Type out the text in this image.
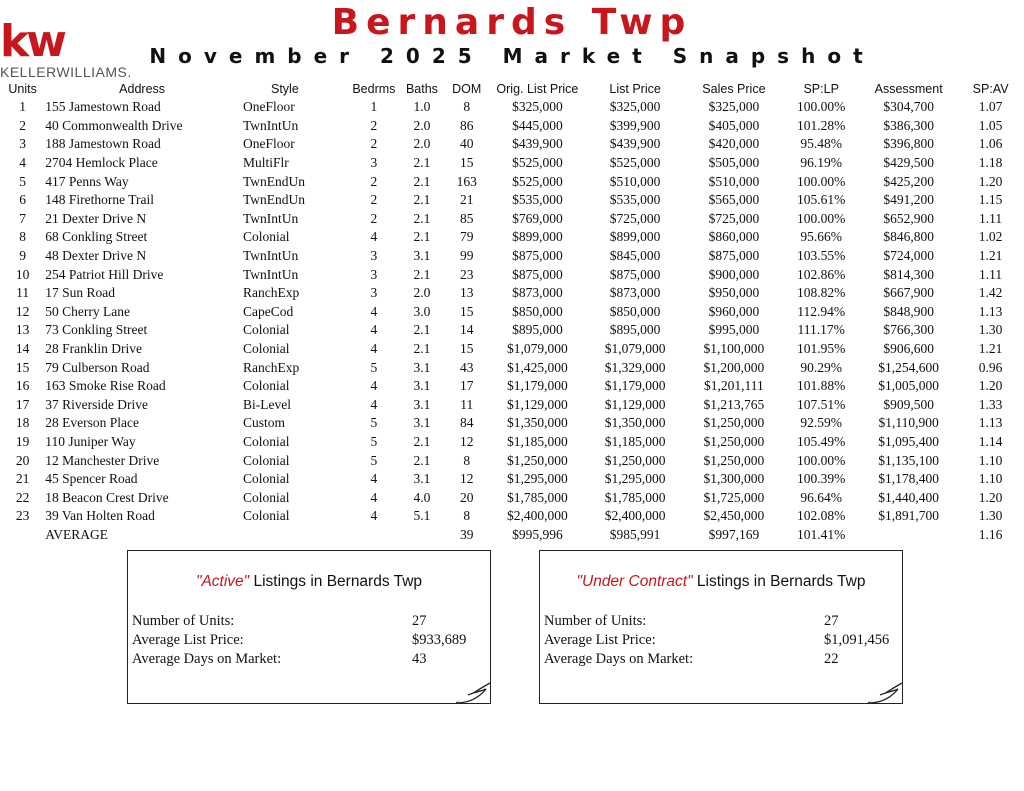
kw
KELLERWILLIAMS.
Bernards Twp
November 2025 Market Snapshot
Units	Address	Style	Bedrms	Baths	DOM	Orig. List Price	List Price	Sales Price	SP:LP	Assessment	SP:AV
1	155 Jamestown Road	OneFloor	1	1.0	8	$325,000	$325,000	$325,000	100.00%	$304,700	1.07
2	40 Commonwealth Drive	TwnIntUn	2	2.0	86	$445,000	$399,900	$405,000	101.28%	$386,300	1.05
3	188 Jamestown Road	OneFloor	2	2.0	40	$439,900	$439,900	$420,000	95.48%	$396,800	1.06
4	2704 Hemlock Place	MultiFlr	3	2.1	15	$525,000	$525,000	$505,000	96.19%	$429,500	1.18
5	417 Penns Way	TwnEndUn	2	2.1	163	$525,000	$510,000	$510,000	100.00%	$425,200	1.20
6	148 Firethorne Trail	TwnEndUn	2	2.1	21	$535,000	$535,000	$565,000	105.61%	$491,200	1.15
7	21 Dexter Drive N	TwnIntUn	2	2.1	85	$769,000	$725,000	$725,000	100.00%	$652,900	1.11
8	68 Conkling Street	Colonial	4	2.1	79	$899,000	$899,000	$860,000	95.66%	$846,800	1.02
9	48 Dexter Drive N	TwnIntUn	3	3.1	99	$875,000	$845,000	$875,000	103.55%	$724,000	1.21
10	254 Patriot Hill Drive	TwnIntUn	3	2.1	23	$875,000	$875,000	$900,000	102.86%	$814,300	1.11
11	17 Sun Road	RanchExp	3	2.0	13	$873,000	$873,000	$950,000	108.82%	$667,900	1.42
12	50 Cherry Lane	CapeCod	4	3.0	15	$850,000	$850,000	$960,000	112.94%	$848,900	1.13
13	73 Conkling Street	Colonial	4	2.1	14	$895,000	$895,000	$995,000	111.17%	$766,300	1.30
14	28 Franklin Drive	Colonial	4	2.1	15	$1,079,000	$1,079,000	$1,100,000	101.95%	$906,600	1.21
15	79 Culberson Road	RanchExp	5	3.1	43	$1,425,000	$1,329,000	$1,200,000	90.29%	$1,254,600	0.96
16	163 Smoke Rise Road	Colonial	4	3.1	17	$1,179,000	$1,179,000	$1,201,111	101.88%	$1,005,000	1.20
17	37 Riverside Drive	Bi-Level	4	3.1	11	$1,129,000	$1,129,000	$1,213,765	107.51%	$909,500	1.33
18	28 Everson Place	Custom	5	3.1	84	$1,350,000	$1,350,000	$1,250,000	92.59%	$1,110,900	1.13
19	110 Juniper Way	Colonial	5	2.1	12	$1,185,000	$1,185,000	$1,250,000	105.49%	$1,095,400	1.14
20	12 Manchester Drive	Colonial	5	2.1	8	$1,250,000	$1,250,000	$1,250,000	100.00%	$1,135,100	1.10
21	45 Spencer Road	Colonial	4	3.1	12	$1,295,000	$1,295,000	$1,300,000	100.39%	$1,178,400	1.10
22	18 Beacon Crest Drive	Colonial	4	4.0	20	$1,785,000	$1,785,000	$1,725,000	96.64%	$1,440,400	1.20
23	39 Van Holten Road	Colonial	4	5.1	8	$2,400,000	$2,400,000	$2,450,000	102.08%	$1,891,700	1.30
	AVERAGE				39	$995,996	$985,991	$997,169	101.41%		1.16
"Active" Listings in Bernards Twp
Number of Units:	27
Average List Price:	$933,689
Average Days on Market:	43
"Under Contract" Listings in Bernards Twp
Number of Units:	27
Average List Price:	$1,091,456
Average Days on Market:	22
